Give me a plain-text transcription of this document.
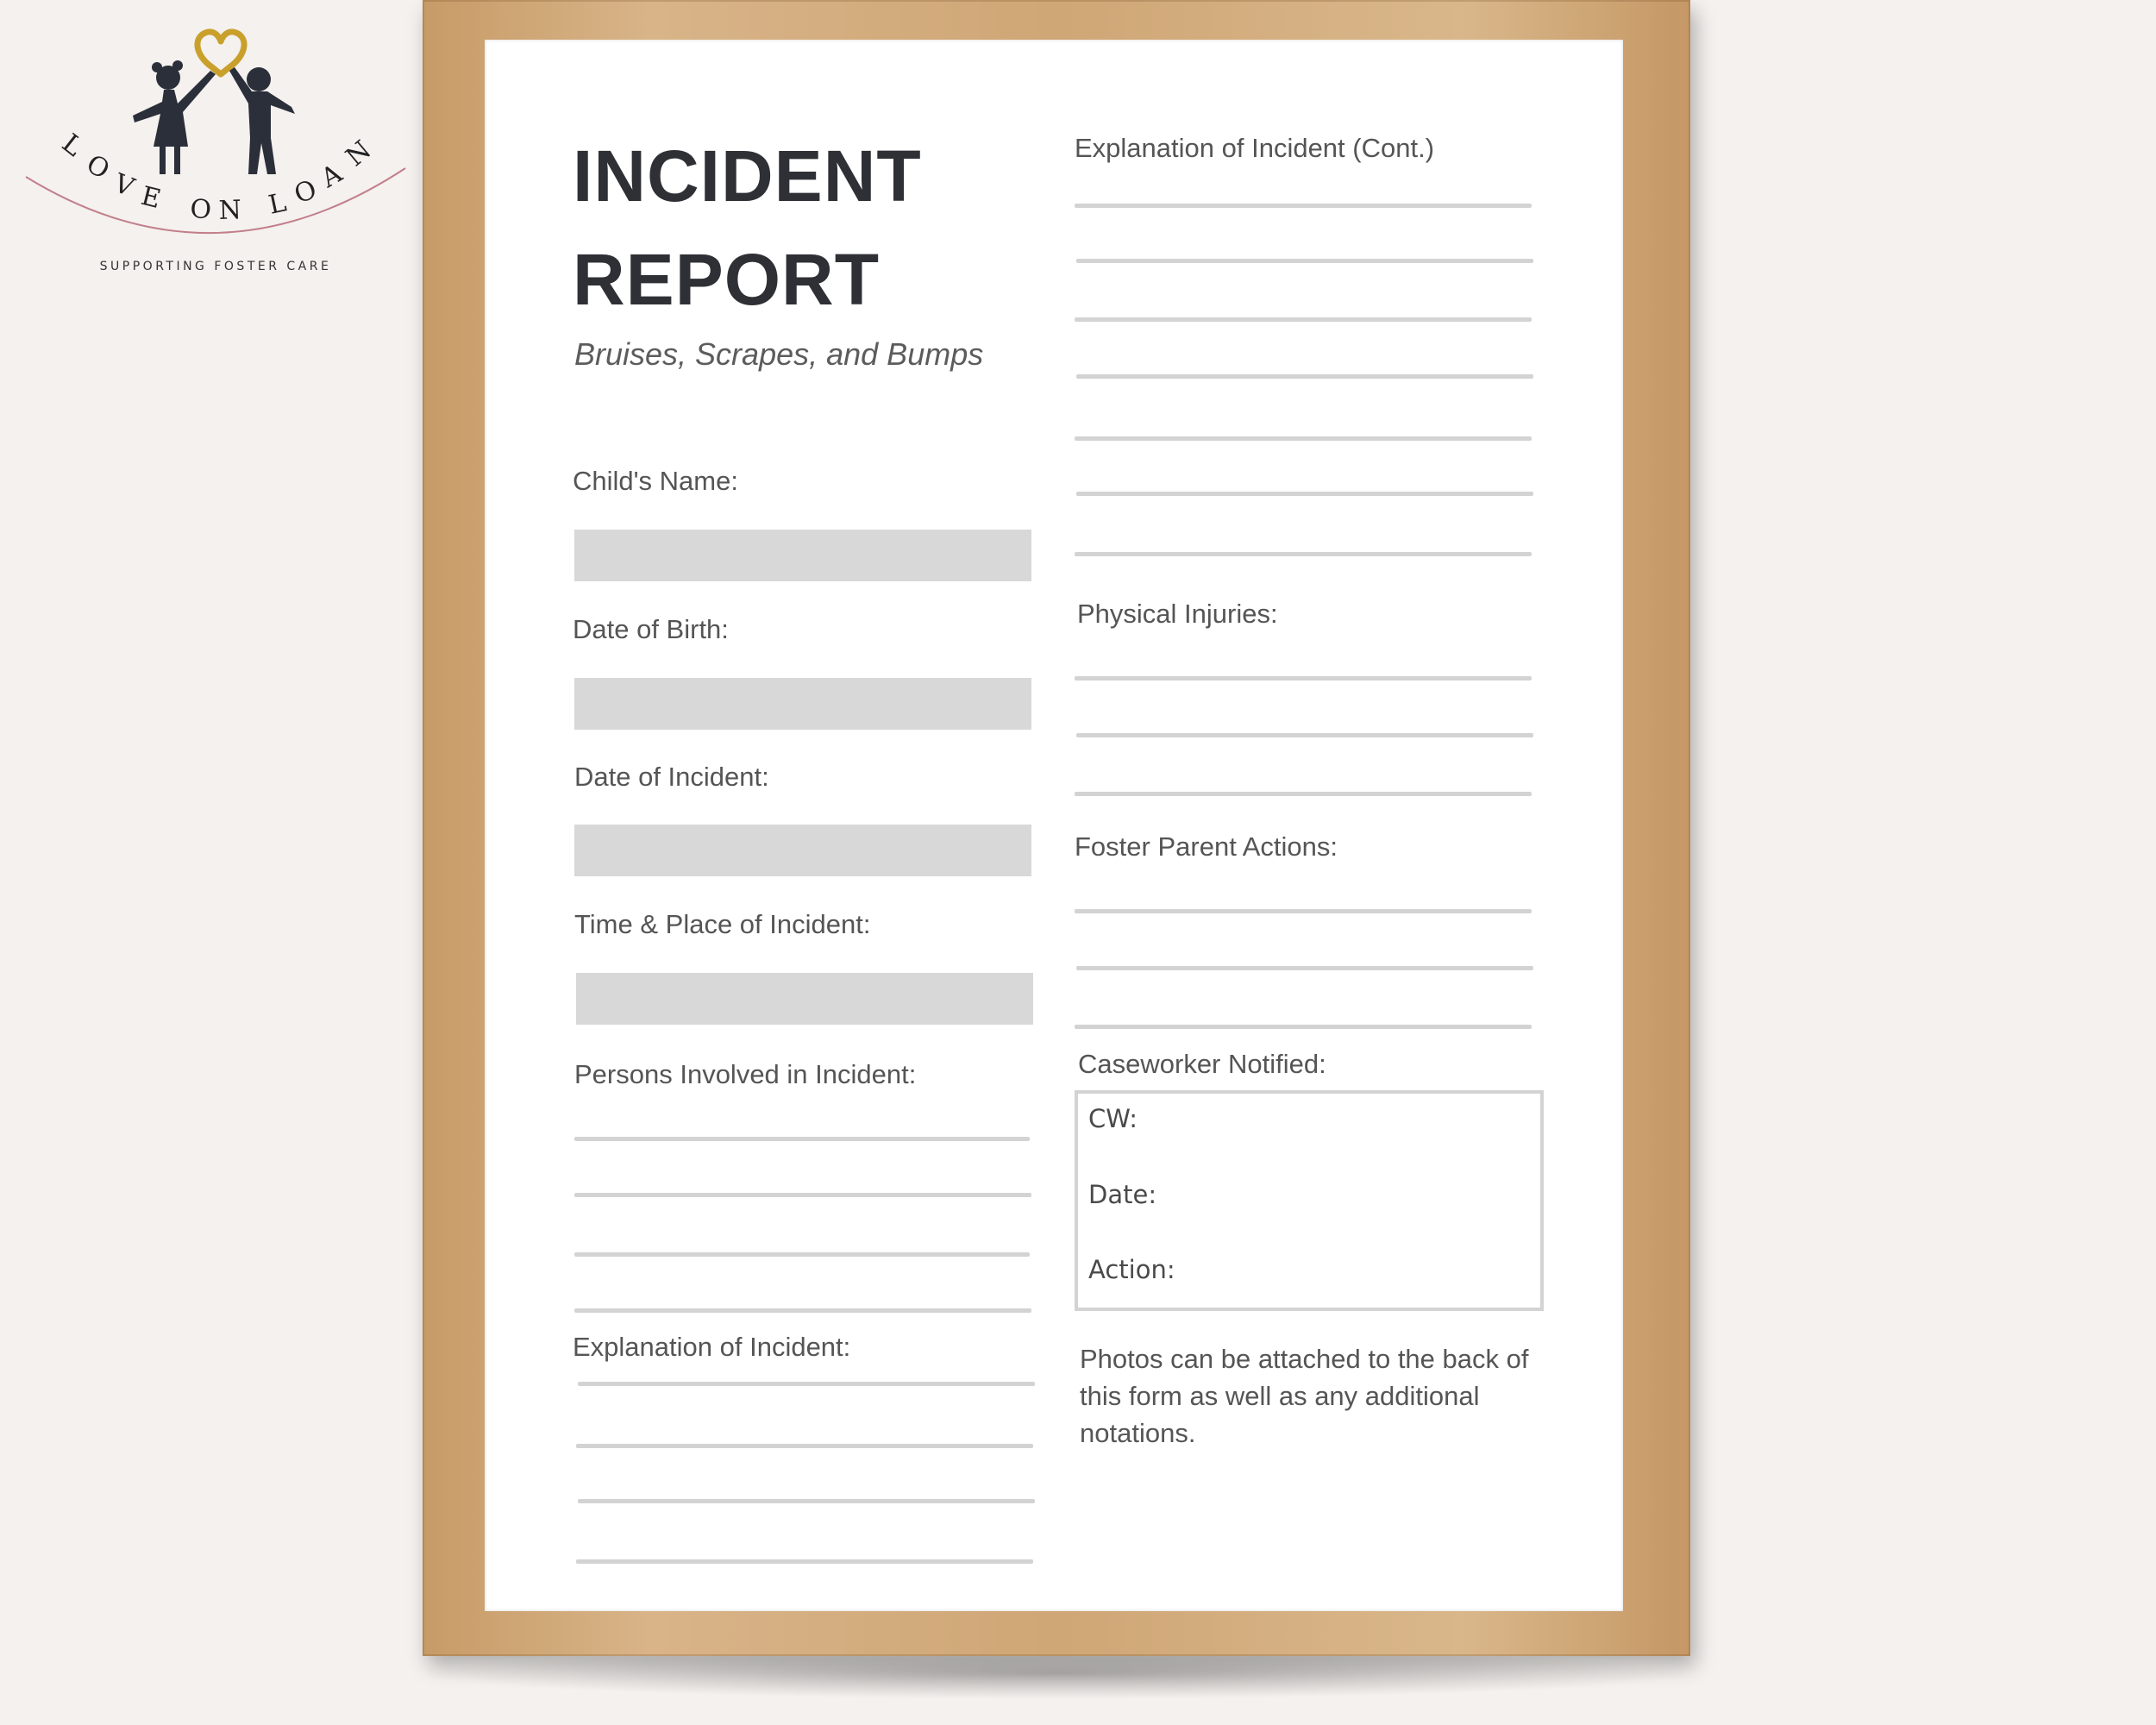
L
O
V E O N L O
A
N
SUPPORTING FOSTER CARE
INCIDENT
REPORT
Bruises, Scrapes, and Bumps
Child's Name:
Date of Birth:
Date of Incident:
Time & Place of Incident:
Persons Involved in Incident:
Explanation of Incident:
Explanation of Incident (Cont.)
Physical Injuries:
Foster Parent Actions:
Caseworker Notified:
CW:
Date:
Action:
Photos can be attached to the back of this form as well as any additional notations.
